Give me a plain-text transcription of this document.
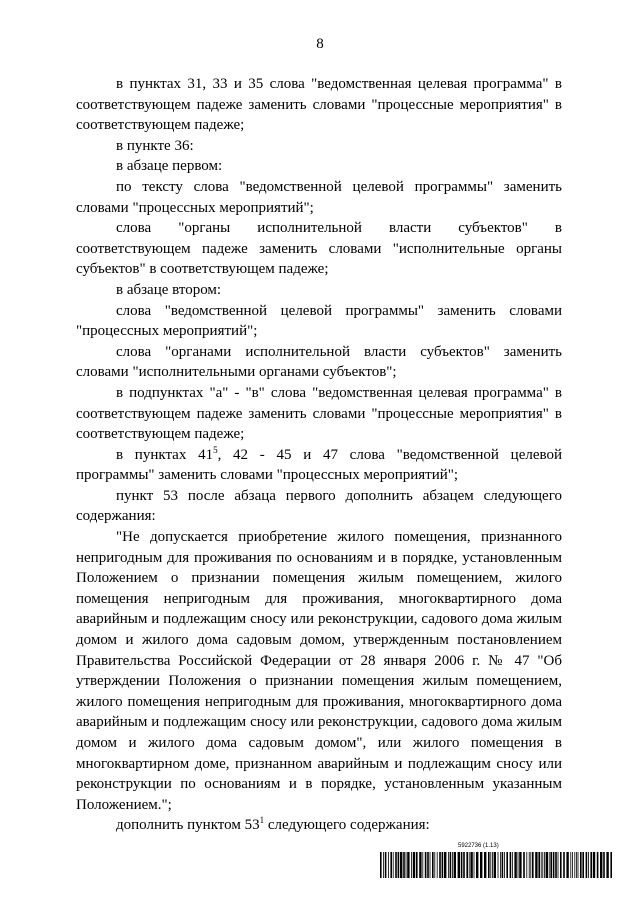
8

в пунктах 31, 33 и 35 слова "ведомственная целевая программа" в соответствующем падеже заменить словами "процессные мероприятия" в соответствующем падеже;

в пункте 36:

в абзаце первом:

по тексту слова "ведомственной целевой программы" заменить словами "процессных мероприятий";

слова "органы исполнительной власти субъектов" в соответствующем падеже заменить словами "исполнительные органы субъектов" в соответствующем падеже;

в абзаце втором:

слова "ведомственной целевой программы" заменить словами "процессных мероприятий";

слова "органами исполнительной власти субъектов" заменить словами "исполнительными органами субъектов";

в подпунктах "а" - "в" слова "ведомственная целевая программа" в соответствующем падеже заменить словами "процессные мероприятия" в соответствующем падеже;

в пунктах $41^5$, 42 - 45 и 47 слова "ведомственной целевой программы" заменить словами "процессных мероприятий";

пункт 53 после абзаца первого дополнить абзацем следующего содержания:

"Не допускается приобретение жилого помещения, признанного непригодным для проживания по основаниям и в порядке, установленным Положением о признании помещения жилым помещением, жилого помещения непригодным для проживания, многоквартирного дома аварийным и подлежащим сносу или реконструкции, садового дома жилым домом и жилого дома садовым домом, утвержденным постановлением Правительства Российской Федерации от 28 января 2006 г. № 47 "Об утверждении Положения о признании помещения жилым помещением, жилого помещения непригодным для проживания, многоквартирного дома аварийным и подлежащим сносу или реконструкции, садового дома жилым домом и жилого дома садовым домом", или жилого помещения в многоквартирном доме, признанном аварийным и подлежащим сносу или реконструкции по основаниям и в порядке, установленным указанным Положением.";

дополнить пунктом $53^1$ следующего содержания:

5922736 (1.13)
